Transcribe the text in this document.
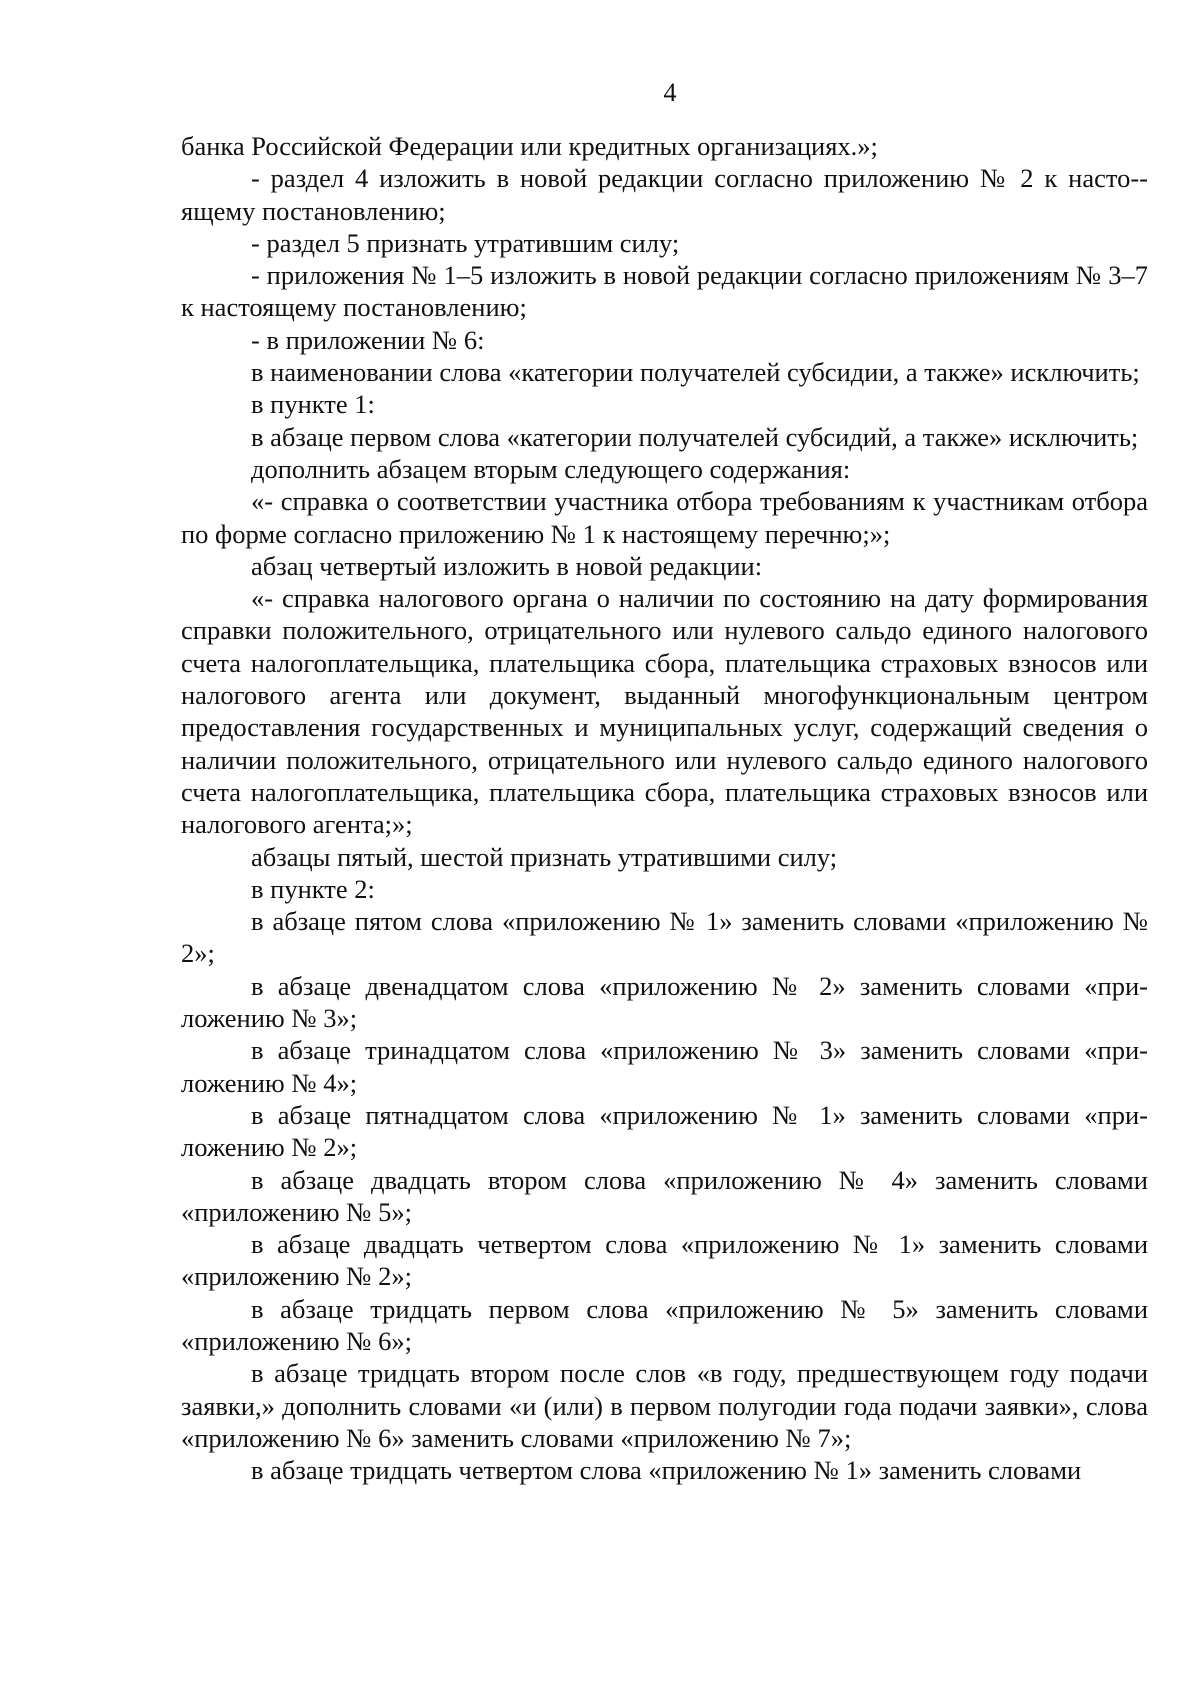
4

банка Российской Федерации или кредитных организациях.»;

- раздел 4 изложить в новой редакции согласно приложению № 2 к насто-ящему постановлению;

- раздел 5 признать утратившим силу;

- приложения № 1–5 изложить в новой редакции согласно приложениям № 3–7 к настоящему постановлению;

- в приложении № 6:

в наименовании слова «категории получателей субсидии, а также» исключить;

в пункте 1:

в абзаце первом слова «категории получателей субсидий, а также» исключить;

дополнить абзацем вторым следующего содержания:

«- справка о соответствии участника отбора требованиям к участникам отбора по форме согласно приложению № 1 к настоящему перечню;»;

абзац четвертый изложить в новой редакции:

«- справка налогового органа о наличии по состоянию на дату формирования справки положительного, отрицательного или нулевого сальдо единого налогового счета налогоплательщика, плательщика сбора, плательщика страховых взносов или налогового агента или документ, выданный многофункциональным центром предоставления государственных и муниципальных услуг, содержащий сведения о наличии положительного, отрицательного или нулевого сальдо единого налогового счета налогоплательщика, плательщика сбора, плательщика страховых взносов или налогового агента;»;

абзацы пятый, шестой признать утратившими силу;

в пункте 2:

в абзаце пятом слова «приложению № 1» заменить словами «приложению № 2»;

в абзаце двенадцатом слова «приложению № 2» заменить словами «приложению № 3»;

в абзаце тринадцатом слова «приложению № 3» заменить словами «приложению № 4»;

в абзаце пятнадцатом слова «приложению № 1» заменить словами «приложению № 2»;

в абзаце двадцать втором слова «приложению № 4» заменить словами «приложению № 5»;

в абзаце двадцать четвертом слова «приложению № 1» заменить словами «приложению № 2»;

в абзаце тридцать первом слова «приложению № 5» заменить словами «приложению № 6»;

в абзаце тридцать втором после слов «в году, предшествующем году подачи заявки,» дополнить словами «и (или) в первом полугодии года подачи заявки», слова «приложению № 6» заменить словами «приложению № 7»;

в абзаце тридцать четвертом слова «приложению № 1» заменить словами
